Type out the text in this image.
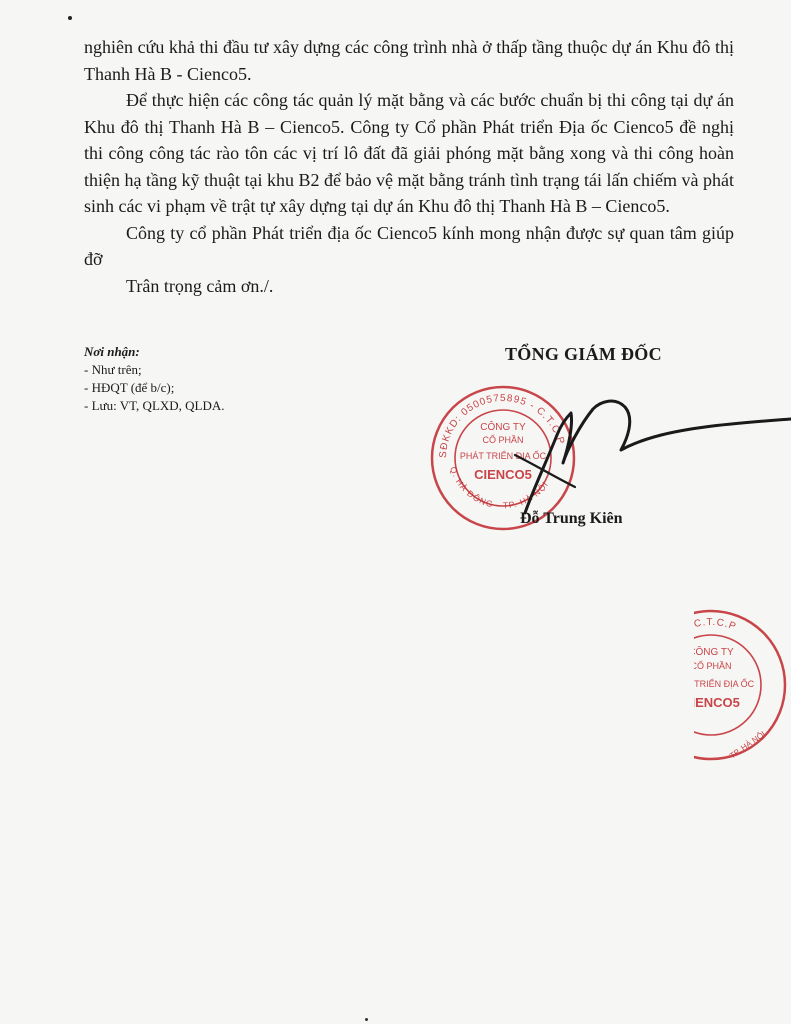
nghiên cứu khả thi đầu tư xây dựng các công trình nhà ở thấp tầng thuộc dự án Khu đô thị Thanh Hà B - Cienco5.

Để thực hiện các công tác quản lý mặt bằng và các bước chuẩn bị thi công tại dự án Khu đô thị Thanh Hà B – Cienco5. Công ty Cổ phần Phát triển Địa ốc Cienco5 đề nghị thi công công tác rào tôn các vị trí lô đất đã giải phóng mặt bằng xong và thi công hoàn thiện hạ tầng kỹ thuật tại khu B2 để bảo vệ mặt bằng tránh tình trạng tái lấn chiếm và phát sinh các vi phạm về trật tự xây dựng tại dự án Khu đô thị Thanh Hà B – Cienco5.

Công ty cổ phần Phát triển địa ốc Cienco5 kính mong nhận được sự quan tâm giúp đỡ

Trân trọng cảm ơn./.

Nơi nhận:
- Như trên;
- HĐQT (để b/c);
- Lưu: VT, QLXD, QLDA.
TỔNG GIÁM ĐỐC
SĐKKD: 0500575895 - C.T.C.P
Q. HÀ ĐÔNG - TP. HÀ NỘI
CÔNG TY
CỔ PHẦN
PHÁT TRIỂN ĐỊA ỐC
CIENCO5
Đỗ Trung Kiên
0500575895 - C.T.C.P
CÔNG TY
CỔ PHẦN
PHÁT TRIỂN ĐỊA ỐC
CIENCO5
TP. HÀ NỘI
